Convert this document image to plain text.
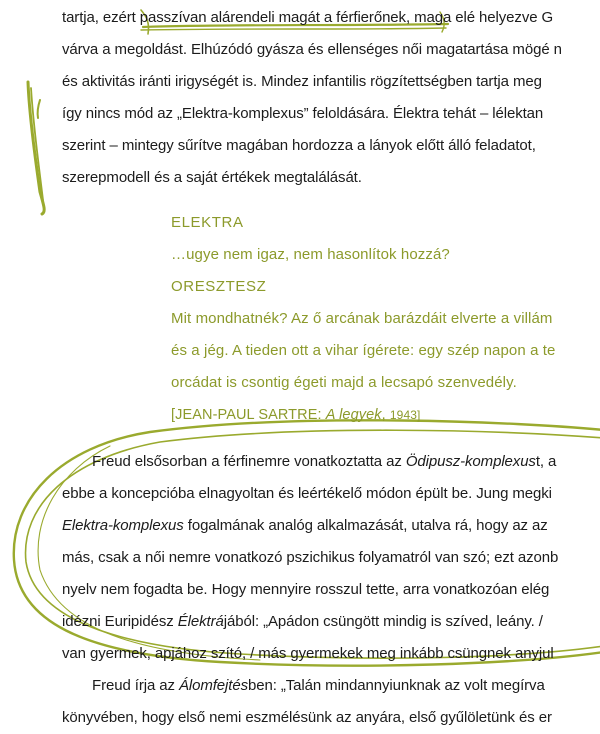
tartja, ezért passzívan alárendeli magát a férfierőnek, maga elé helyezve G
várva a megoldást. Elhúzódó gyásza és ellenséges női magatartása mögé n
és aktivitás iránti irigységét is. Mindez infantilis rögzítettségben tartja meg
így nincs mód az „Elektra-komplexus” feloldására. Élektra tehát – lélektan
szerint – mintegy sűrítve magában hordozza a lányok előtt álló feladatot,
szerepmodell és a saját értékek megtalálását.
ELEKTRA
…ugye nem igaz, nem hasonlítok hozzá?
ORESZTESZ
Mit mondhatnék? Az ő arcának barázdáit elverte a villám
és a jég. A tieden ott a vihar ígérete: egy szép napon a te
orcádat is csontig égeti majd a lecsapó szenvedély.
[JEAN-PAUL SARTRE: A legyek, 1943]
Freud elsősorban a férfinemre vonatkoztatta az Ödipusz-komplexust, a
ebbe a koncepcióba elnagyoltan és leértékelő módon épült be. Jung megki
Elektra-komplexus fogalmának analóg alkalmazását, utalva rá, hogy az az
más, csak a női nemre vonatkozó pszichikus folyamatról van szó; ezt azonb
nyelv nem fogadta be. Hogy mennyire rosszul tette, arra vonatkozóan elég
idézni Euripidész Élektrájából: „Apádon csüngött mindig is szíved, leány. /
van gyermek, apjához szító, / más gyermekek meg inkább csüngnek anyjul
Freud írja az Álomfejtésben: „Talán mindannyiunknak az volt megírva
könyvében, hogy első nemi eszmélésünk az anyára, első gyűlöletünk és er
